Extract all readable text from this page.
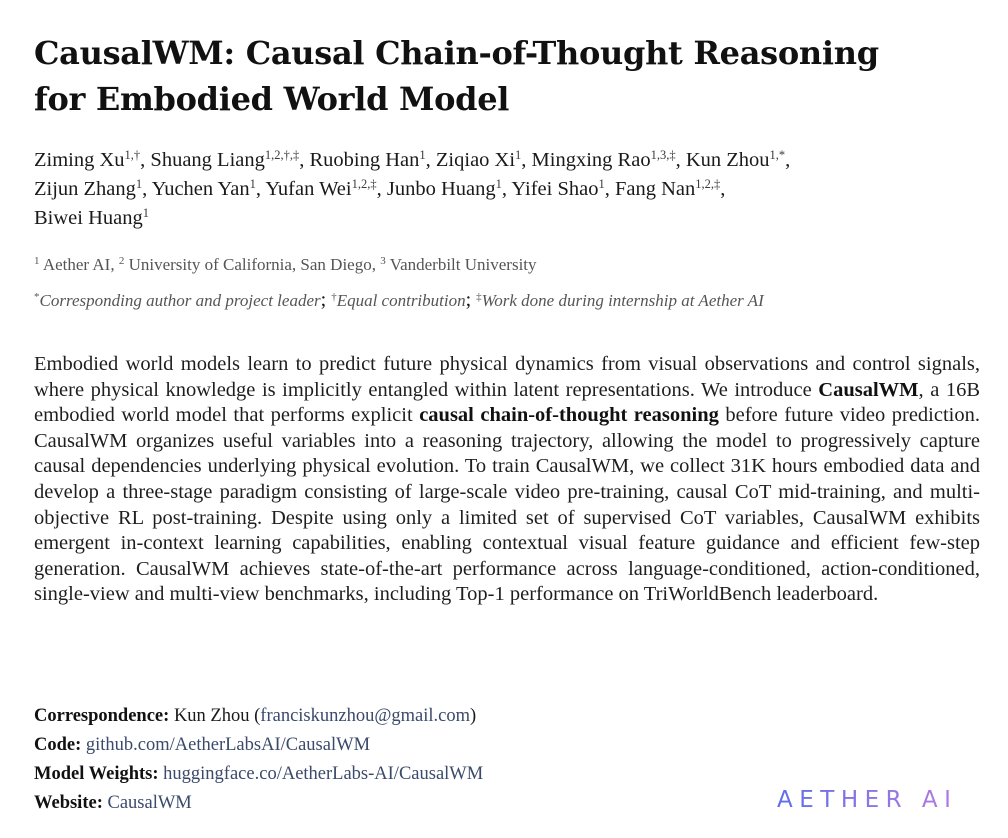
CausalWM: Causal Chain-of-Thought Reasoning
for Embodied World Model
Ziming $Xu^{1,\dagger}$, Shuang Liang$^{1,2,\dagger,\ddagger}$, Ruobing Han$^1$, Ziqiao Xi$^1$, Mingxing Rao$^{1,3,\ddagger}$, Kun Zhou$^{1,*}$,
Zijun Zhang$^1$, Yuchen Yan$^1$, Yufan Wei$^{1,2,\ddagger}$, Junbo Huang$^1$, Yifei Shao$^1$, Fang Nan$^{1,2,\ddagger}$,
Biwei Huang$^1$
$^1$ Aether AI, $^2$ University of California, San Diego, $^3$ Vanderbilt University
*Corresponding author and project leader; †Equal contribution; ‡Work done during internship at Aether AI

Embodied world models learn to predict future physical dynamics from visual observations and control signals, where physical knowledge is implicitly entangled within latent representations. We introduce CausalWM, a 16B embodied world model that performs explicit causal chain-of-thought reasoning before future video prediction. CausalWM organizes useful variables into a reasoning trajectory, allowing the model to progressively capture causal dependencies underlying physical evolution. To train CausalWM, we collect 31K hours embodied data and develop a three-stage paradigm consisting of large-scale video pre-training, causal CoT mid-training, and multi-objective RL post-training. Despite using only a limited set of supervised CoT variables, CausalWM exhibits emergent in-context learning capabilities, enabling contextual visual feature guidance and efficient few-step generation. CausalWM achieves state-of-the-art performance across language-conditioned, action-conditioned, single-view and multi-view benchmarks, including Top-1 performance on TriWorldBench leaderboard.

Correspondence: Kun Zhou (franciskunzhou@gmail.com)
Code: github.com/AetherLabsAI/CausalWM
Model Weights: huggingface.co/AetherLabs-AI/CausalWM
Website: CausalWM	AETHER AI
